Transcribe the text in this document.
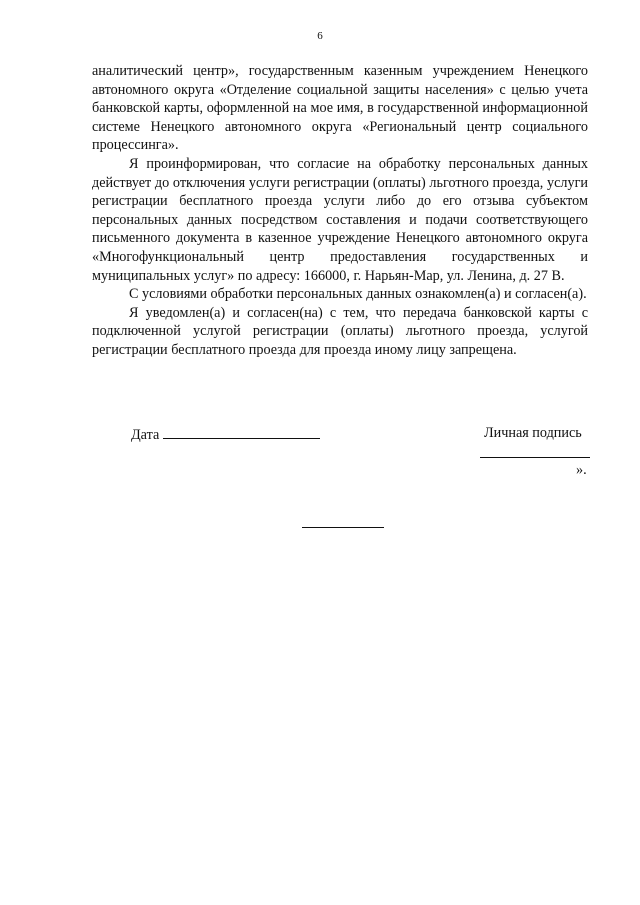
6

аналитический центр», государственным казенным учреждением Ненецкого автономного округа «Отделение социальной защиты населения» с целью учета банковской карты, оформленной на мое имя, в государственной информационной системе Ненецкого автономного округа «Региональный центр социального процессинга».

Я проинформирован, что согласие на обработку персональных данных действует до отключения услуги регистрации (оплаты) льготного проезда, услуги регистрации бесплатного проезда услуги либо до его отзыва субъектом персональных данных посредством составления и подачи соответствующего письменного документа в казенное учреждение Ненецкого автономного округа «Многофункциональный центр предоставления государственных и муниципальных услуг» по адресу: 166000, г. Нарьян-Мар, ул. Ленина, д. 27 В.

С условиями обработки персональных данных ознакомлен(а) и согласен(а).

Я уведомлен(а) и согласен(на) с тем, что передача банковской карты с подключенной услугой регистрации (оплаты) льготного проезда, услугой регистрации бесплатного проезда для проезда иному лицу запрещена.

Дата	Личная подпись
».
